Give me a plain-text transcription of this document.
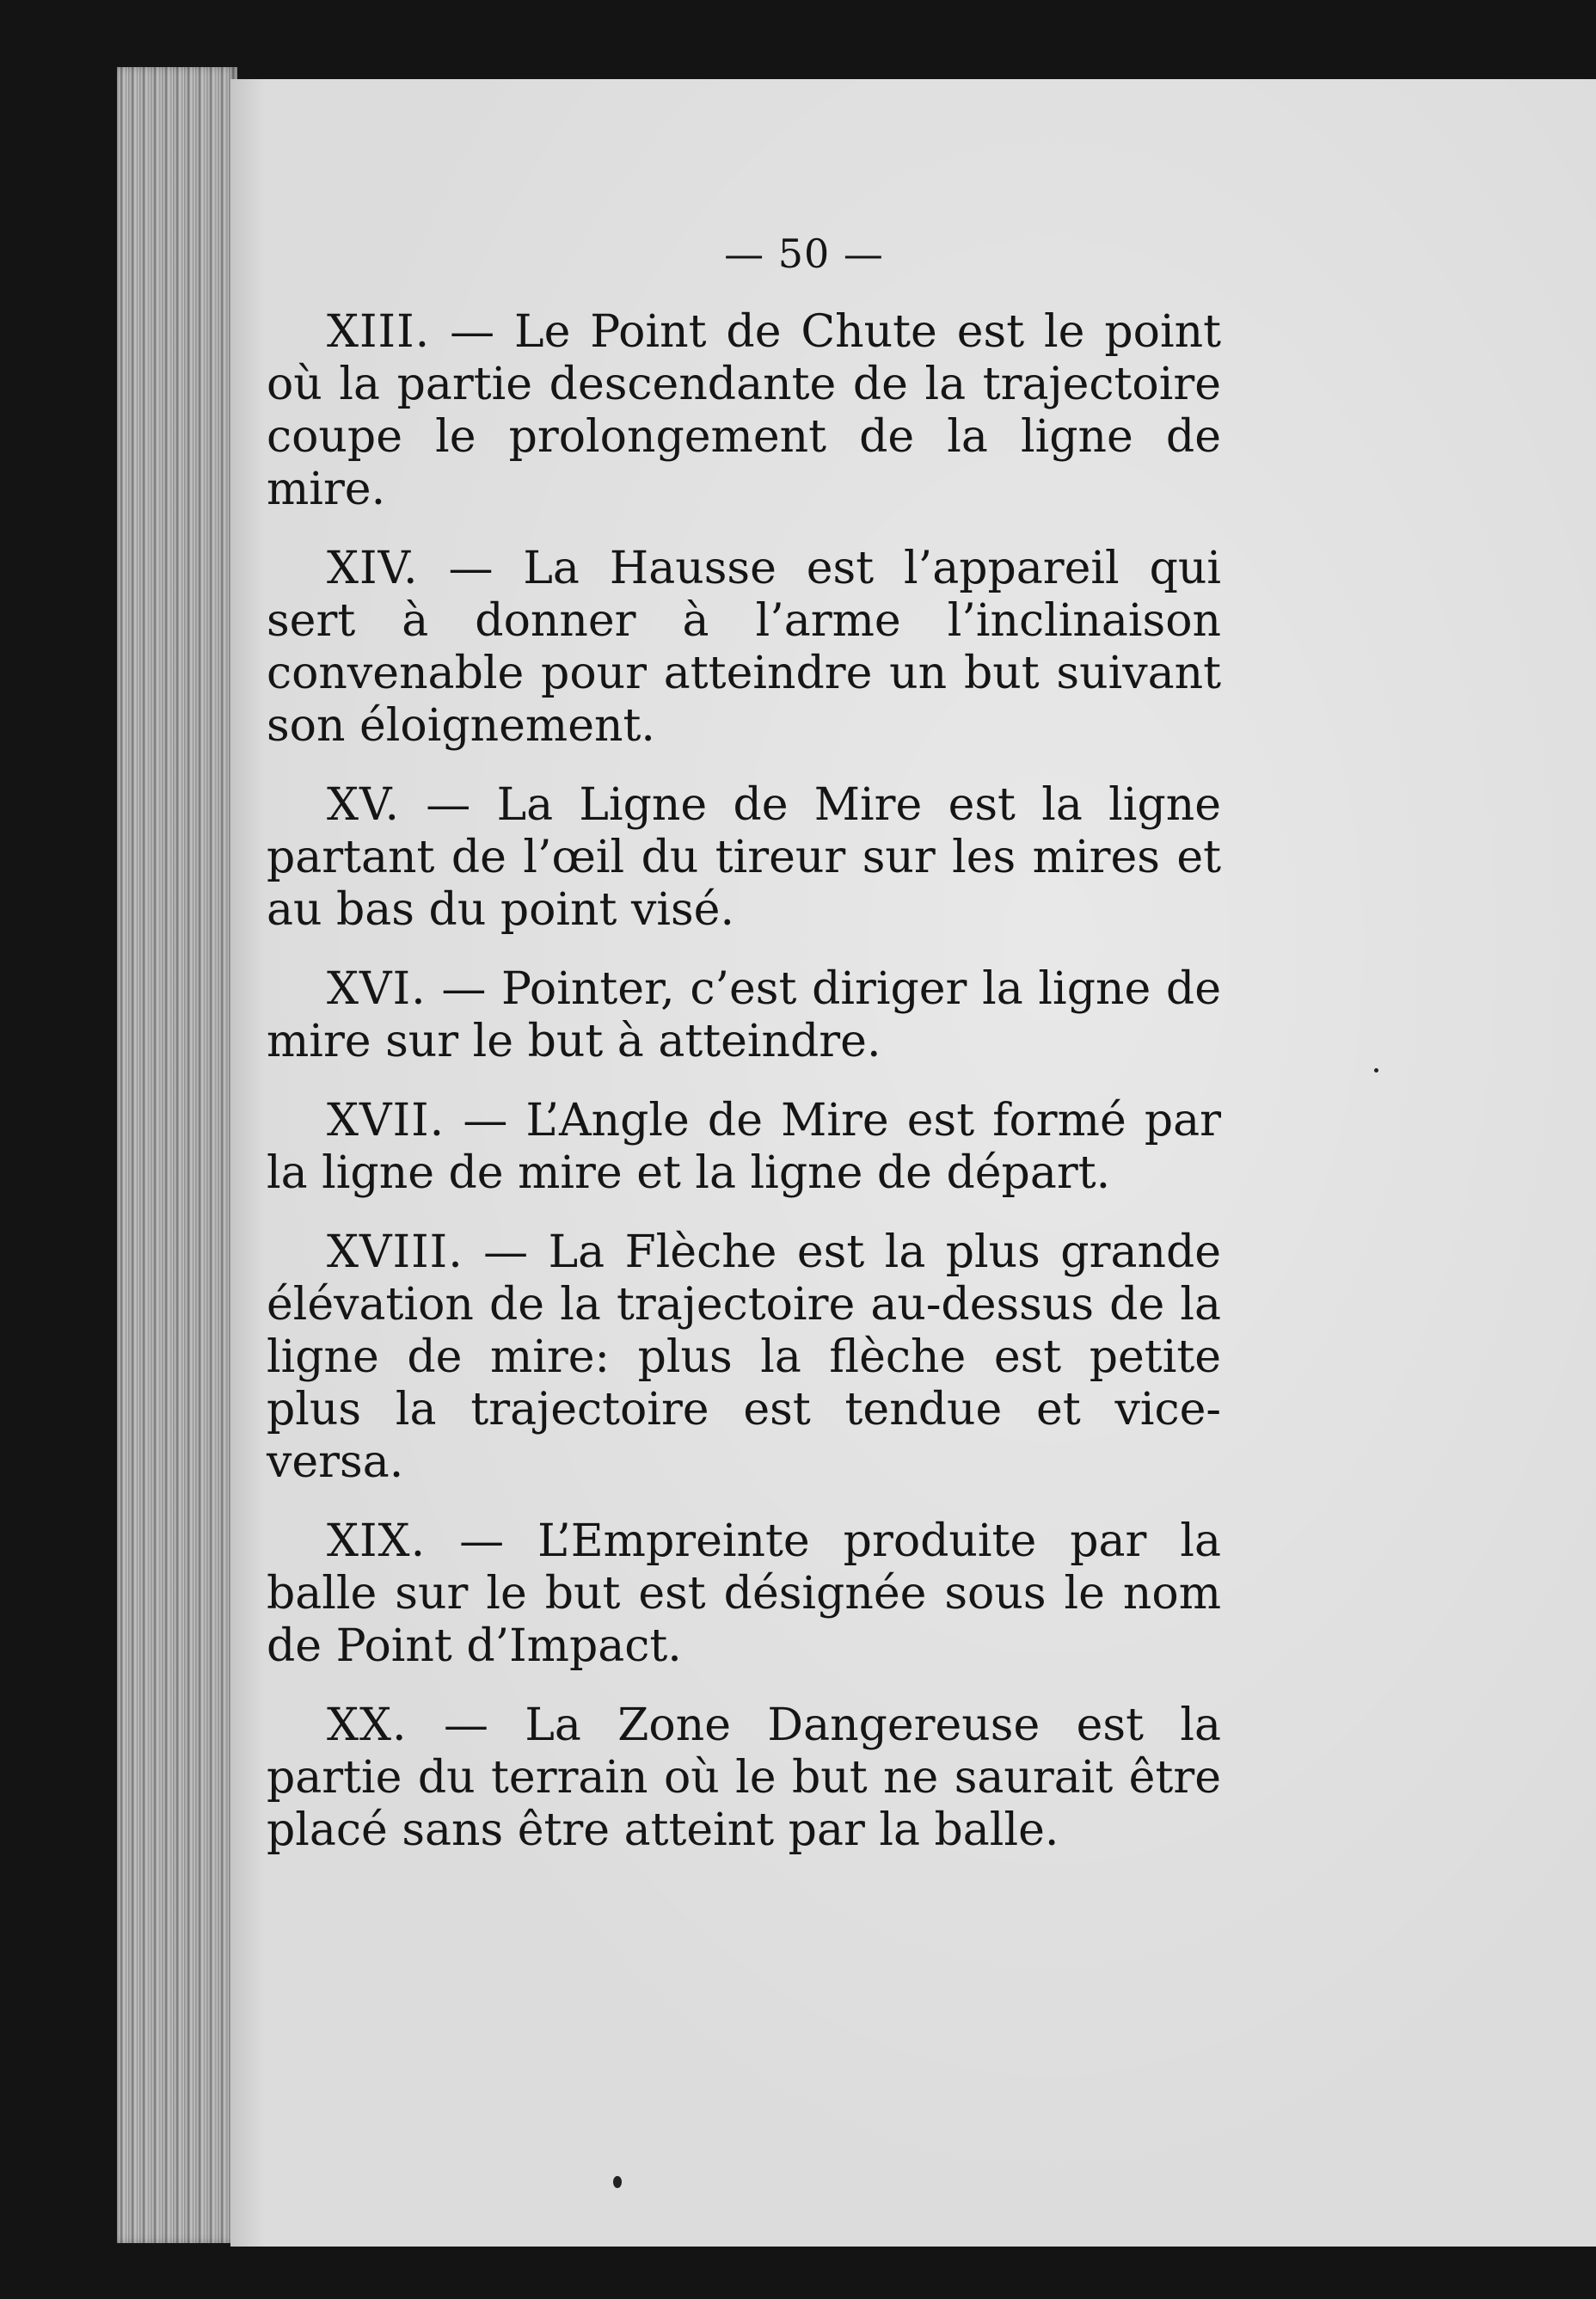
— 50 —

XIII. — Le Point de Chute est le point où la partie descendante de la trajectoire coupe le prolongement de la ligne de mire.

XIV. — La Hausse est l’appareil qui sert à donner à l’arme l’inclinaison convenable pour atteindre un but suivant son éloignement.

XV. — La Ligne de Mire est la ligne partant de l’œil du tireur sur les mires et au bas du point visé.

XVI. — Pointer, c’est diriger la ligne de mire sur le but à atteindre.

XVII. — L’Angle de Mire est formé par la ligne de mire et la ligne de départ.

XVIII. — La Flèche est la plus grande élévation de la trajectoire au-dessus de la ligne de mire: plus la flèche est petite plus la trajectoire est tendue et vice-versa.

XIX. — L’Empreinte produite par la balle sur le but est désignée sous le nom de Point d’Impact.

XX. — La Zone Dangereuse est la partie du terrain où le but ne saurait être placé sans être atteint par la balle.
